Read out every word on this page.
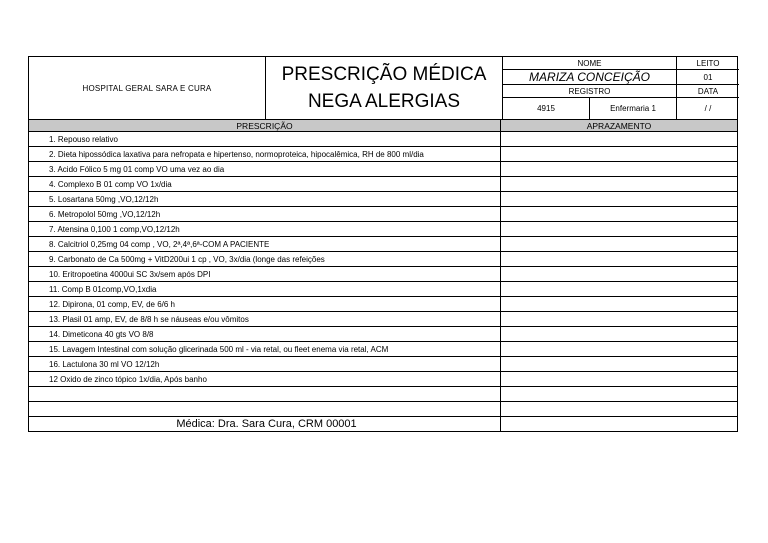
HOSPITAL GERAL SARA E CURA
PRESCRIÇÃO MÉDICA
NEGA ALERGIAS
NOME	LEITO
MARIZA CONCEIÇÃO	01
REGISTRO	DATA
4915	Enfermaria 1	/ /
PRESCRIÇÃO	APRAZAMENTO
1. Repouso relativo	
2. Dieta hipossódica laxativa para nefropata e hipertenso, normoproteica, hipocalêmica, RH de 800 ml/dia	
3. Acido Fólico 5 mg 01 comp VO uma vez ao dia	
4. Complexo B 01 comp VO 1x/dia	
5. Losartana 50mg ,VO,12/12h	
6. Metropolol 50mg ,VO,12/12h	
7. Atensina 0,100 1 comp,VO,12/12h	
8. Calcitriol 0,25mg 04 comp , VO, 2ª,4ª,6ª-COM A PACIENTE	
9. Carbonato de Ca 500mg + VitD200ui 1 cp , VO, 3x/dia (longe das refeições	
10. Eritropoetina 4000ui SC 3x/sem após DPI	
11. Comp B 01comp,VO,1xdia	
12. Dipirona, 01 comp, EV, de 6/6 h	
13. Plasil 01 amp, EV, de 8/8 h se náuseas e/ou vômitos	
14. Dimeticona 40 gts VO 8/8	
15. Lavagem Intestinal com solução glicerinada 500 ml - via retal, ou fleet enema via retal, ACM	
16. Lactulona 30 ml VO 12/12h	
12 Oxido de zinco tópico 1x/dia, Após banho	

Médica: Dra. Sara Cura, CRM 00001	
